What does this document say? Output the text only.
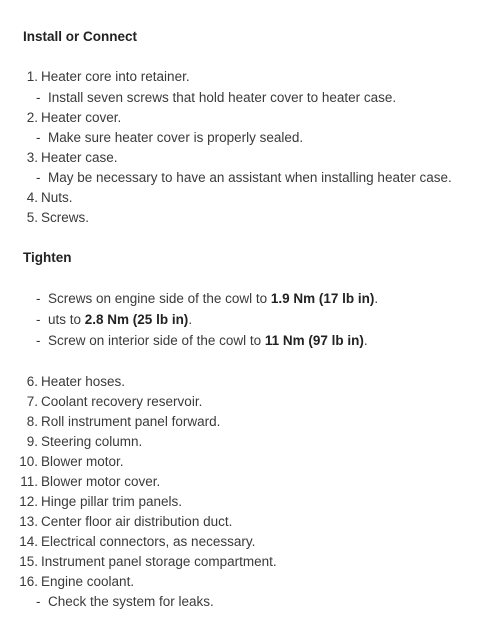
Install or Connect
1. Heater core into retainer.
- Install seven screws that hold heater cover to heater case.
2. Heater cover.
- Make sure heater cover is properly sealed.
3. Heater case.
- May be necessary to have an assistant when installing heater case.
4. Nuts.
5. Screws.
Tighten
- Screws on engine side of the cowl to 1.9 Nm (17 lb in).
- uts to 2.8 Nm (25 lb in).
- Screw on interior side of the cowl to 11 Nm (97 lb in).
6. Heater hoses.
7. Coolant recovery reservoir.
8. Roll instrument panel forward.
9. Steering column.
10. Blower motor.
11. Blower motor cover.
12. Hinge pillar trim panels.
13. Center floor air distribution duct.
14. Electrical connectors, as necessary.
15. Instrument panel storage compartment.
16. Engine coolant.
- Check the system for leaks.
